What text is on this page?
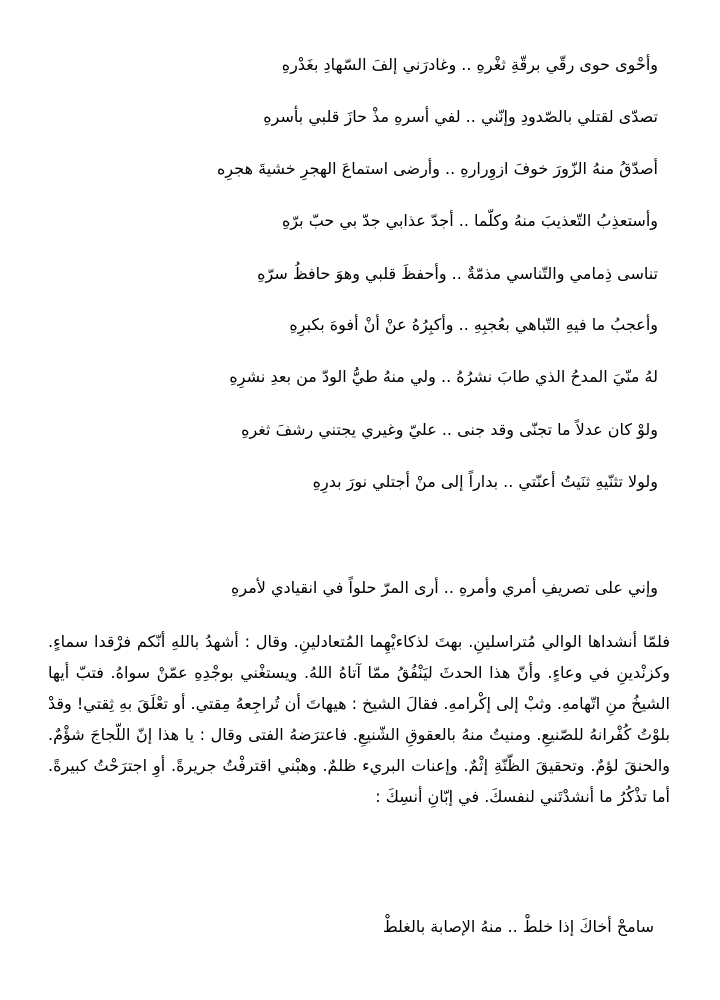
وأحْوى حوى رقّي برقّةِ ثغْرهِ .. وغادرَني إلفَ السّهادِ بغَدْرهِ
تصدّى لقتلي بالصّدودِ وإنّني .. لفي أسرهِ مذْ حازَ قلبي بأسرهِ
أصدّقُ منهُ الزّورَ خوفَ ازوِرارهِ .. وأرضى استماعَ الهجرِ خشيةَ هجرِه
وأستعذِبُ التّعذيبَ منهُ وكلّما .. أجدّ عذابي جدّ بي حبّ برّهِ
تناسى ذِمامي والتّناسي مذمّةٌ .. وأحفظَ قلبي وهوَ حافظُ سرّهِ
وأعجبُ ما فيهِ التّباهي بعُجبِهِ .. وأكبِرُهُ عنْ أنْ أفوهَ بكبرِهِ
لهُ منّيَ المدحُ الذي طابَ نشرُهُ .. ولي منهُ طيُّ الودّ من بعدِ نشرِهِ
ولوْ كان عدلاً ما تجنّى وقد جنى .. عليّ وغيري يجتني رشفَ ثغرهِ
ولولا تثنّيهِ ثنَيتُ أعنّتي .. بداراً إلى منْ أجتلي نورَ بدرِهِ
وإني على تصريفِ أمري وأمرهِ .. أرى المرّ حلواً في انقيادي لأمرهِ

فلمّا أنشداها الوالي مُتراسلينِ. بهتَ لذكاءيْهِما المُتعادلينِ. وقال : أشهدُ باللهِ أنّكم فرْقدا سماءٍ. وكزنْدينِ في وعاءٍ. وأنّ هذا الحدثَ ليَنْفُقُ ممّا آتاهُ اللهُ. ويستغْني بوجْدِهِ عمّنْ سواهُ. فتبّ أيها الشيخُ منِ اتّهامهِ. وثبْ إلى إكْرامهِ. فقالَ الشيخ : هيهاتَ أن تُراجِعهُ مِقتي. أو تعْلَقَ بهِ ثِقتي! وقدْ بلوْتُ كُفْرانهُ للصّنيعِ. ومنيتُ منهُ بالعقوقِ الشّنيعِ. فاعترَضهُ الفتى وقال : يا هذا إنّ اللّجاجَ شؤْمٌ. والحنقَ لؤمٌ. وتحقيقَ الظّنّةِ إثْمٌ. وإعنات البريء ظلمٌ. وهبْني اقترفْتُ جريرةً. أوِ اجترَحْتُ كبيرةً. أما تذْكُرُ ما أنشدْتَني لنفسكَ. في إبّانِ أنسِكَ :

سامحْ أخاكَ إذا خلطْ .. منهُ الإصابة بالغلطْ
